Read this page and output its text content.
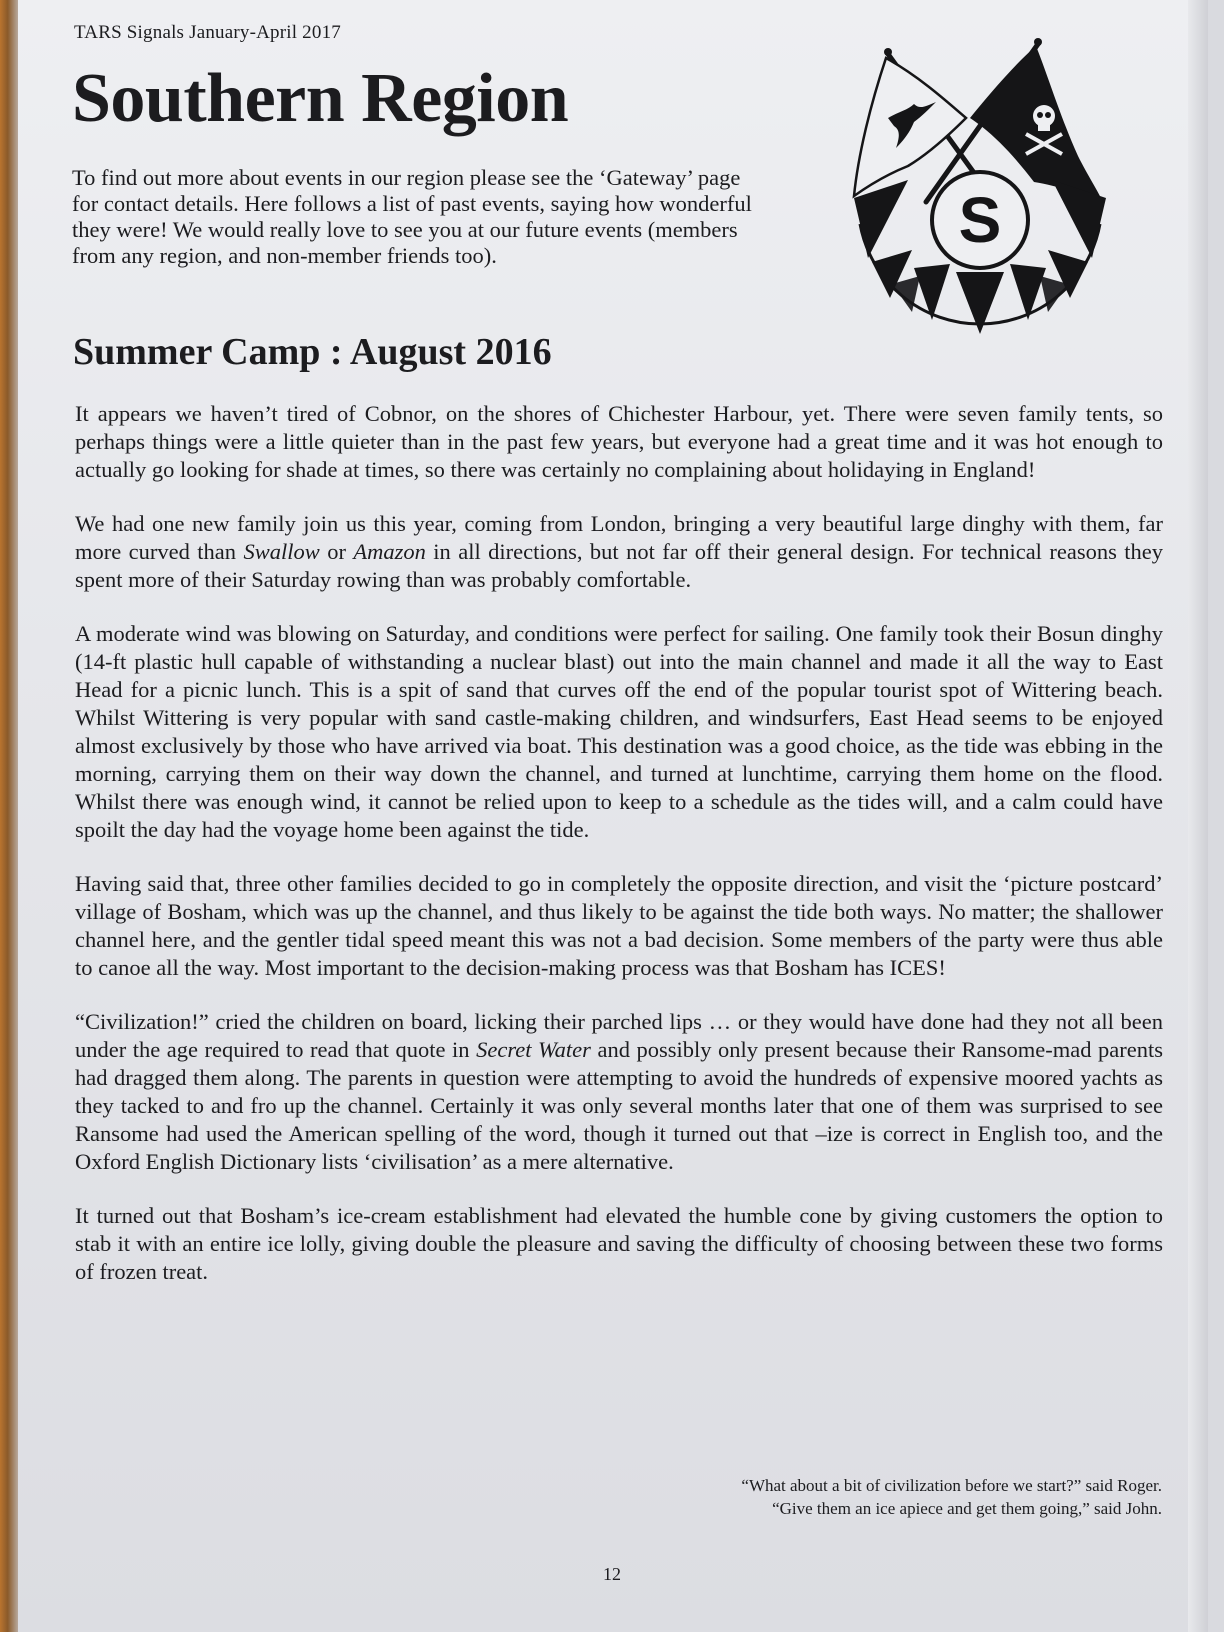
TARS Signals January-April 2017
Southern Region

To find out more about events in our region please see the ‘Gateway’ page for contact details. Here follows a list of past events, saying how wonderful they were! We would really love to see you at our future events (members from any region, and non-member friends too).	S
Summer Camp : August 2016

It appears we haven’t tired of Cobnor, on the shores of Chichester Harbour, yet. There were seven family tents, so perhaps things were a little quieter than in the past few years, but everyone had a great time and it was hot enough to actually go looking for shade at times, so there was certainly no complaining about holidaying in England!

We had one new family join us this year, coming from London, bringing a very beautiful large dinghy with them, far more curved than Swallow or Amazon in all directions, but not far off their general design. For technical reasons they spent more of their Saturday rowing than was probably comfortable.

A moderate wind was blowing on Saturday, and conditions were perfect for sailing. One family took their Bosun dinghy (14-ft plastic hull capable of withstanding a nuclear blast) out into the main channel and made it all the way to East Head for a picnic lunch. This is a spit of sand that curves off the end of the popular tourist spot of Wittering beach. Whilst Wittering is very popular with sand castle-making children, and windsurfers, East Head seems to be enjoyed almost exclusively by those who have arrived via boat. This destination was a good choice, as the tide was ebbing in the morning, carrying them on their way down the channel, and turned at lunchtime, carrying them home on the flood. Whilst there was enough wind, it cannot be relied upon to keep to a schedule as the tides will, and a calm could have spoilt the day had the voyage home been against the tide.

Having said that, three other families decided to go in completely the opposite direction, and visit the ‘picture postcard’ village of Bosham, which was up the channel, and thus likely to be against the tide both ways. No matter; the shallower channel here, and the gentler tidal speed meant this was not a bad decision. Some members of the party were thus able to canoe all the way. Most important to the decision-making process was that Bosham has ICES!

“Civilization!” cried the children on board, licking their parched lips … or they would have done had they not all been under the age required to read that quote in Secret Water and possibly only present because their Ransome-mad parents had dragged them along. The parents in question were attempting to avoid the hundreds of expensive moored yachts as they tacked to and fro up the channel. Certainly it was only several months later that one of them was surprised to see Ransome had used the American spelling of the word, though it turned out that –ize is correct in English too, and the Oxford English Dictionary lists ‘civilisation’ as a mere alternative.

It turned out that Bosham’s ice-cream establishment had elevated the humble cone by giving customers the option to stab it with an entire ice lolly, giving double the pleasure and saving the difficulty of choosing between these two forms of frozen treat.

“What about a bit of civilization before we start?” said Roger.
“Give them an ice apiece and get them going,” said John.
12
